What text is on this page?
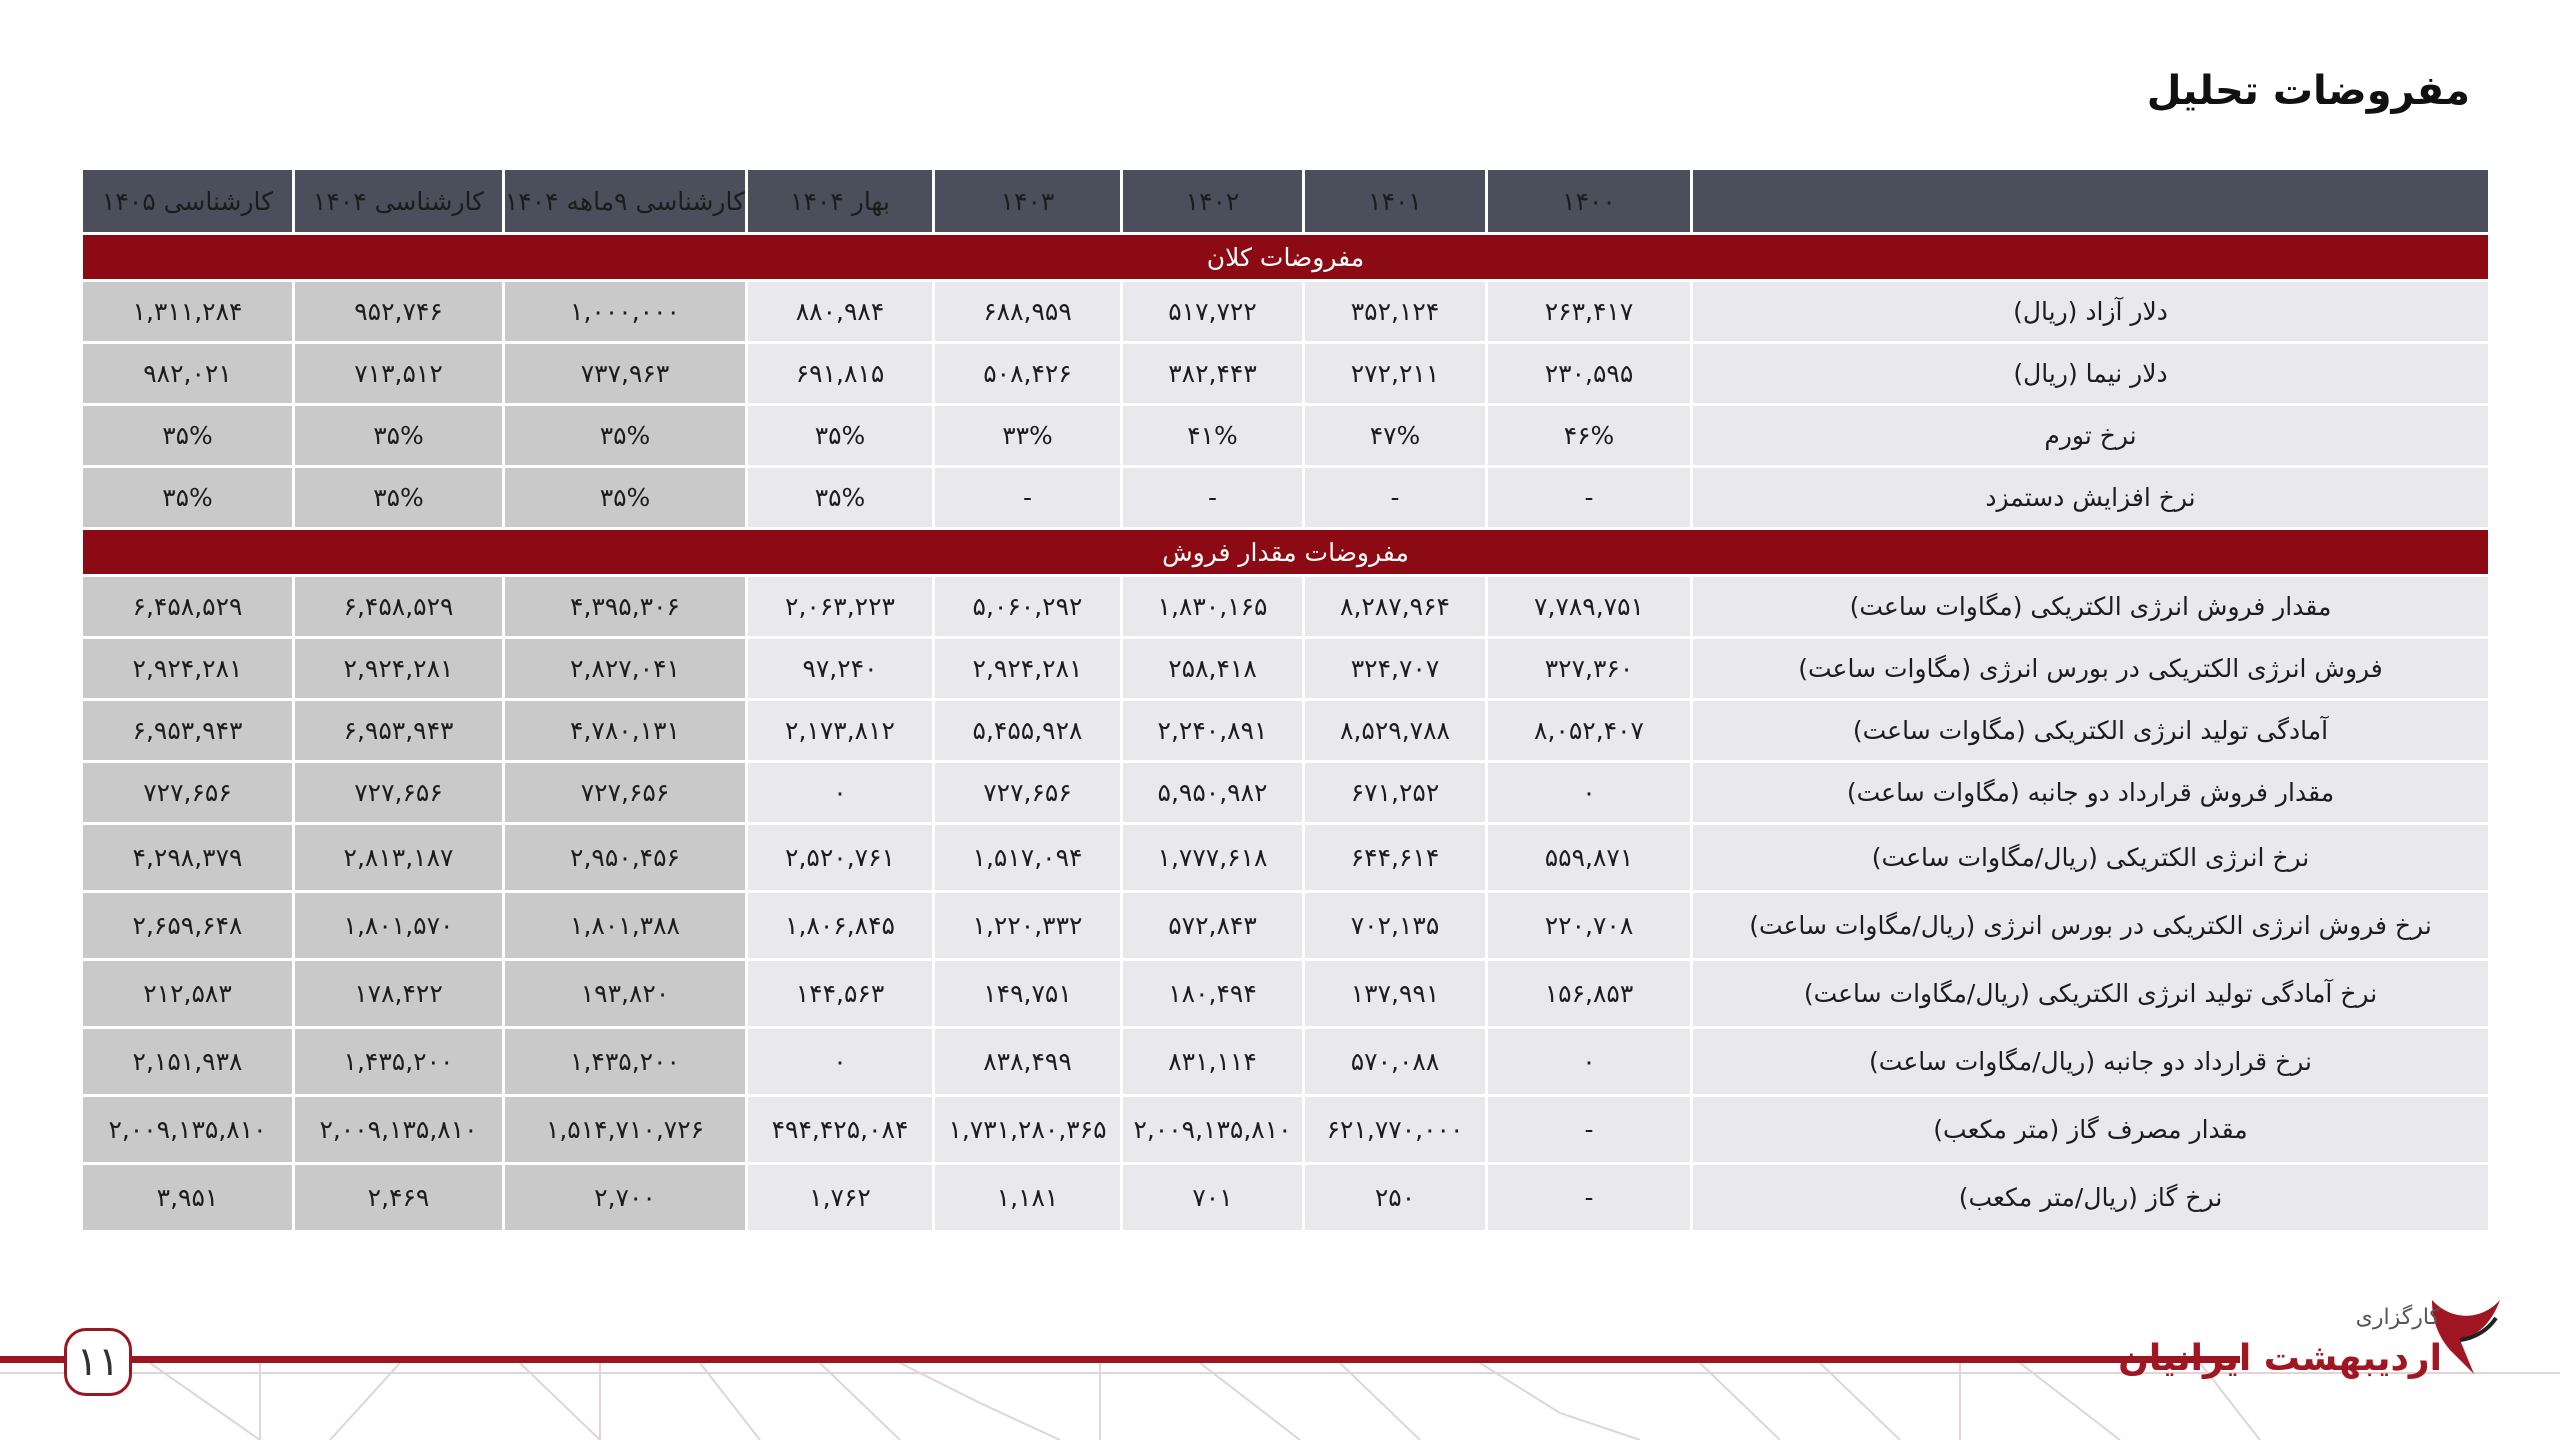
مفروضات تحلیل
	۱۴۰۰	۱۴۰۱	۱۴۰۲	۱۴۰۳	بهار ۱۴۰۴	کارشناسی ۹ماهه ۱۴۰۴	کارشناسی ۱۴۰۴	کارشناسی ۱۴۰۵
مفروضات کلان								
دلار آزاد (ریال)	۲۶۳,۴۱۷	۳۵۲,۱۲۴	۵۱۷,۷۲۲	۶۸۸,۹۵۹	۸۸۰,۹۸۴	۱,۰۰۰,۰۰۰	۹۵۲,۷۴۶	۱,۳۱۱,۲۸۴
دلار نیما (ریال)	۲۳۰,۵۹۵	۲۷۲,۲۱۱	۳۸۲,۴۴۳	۵۰۸,۴۲۶	۶۹۱,۸۱۵	۷۳۷,۹۶۳	۷۱۳,۵۱۲	۹۸۲,۰۲۱
نرخ تورم	۴۶%	۴۷%	۴۱%	۳۳%	۳۵%	۳۵%	۳۵%	۳۵%
نرخ افزایش دستمزد	-	-	-	-	۳۵%	۳۵%	۳۵%	۳۵%
مفروضات مقدار فروش								
مقدار فروش انرژی الکتریکی (مگاوات ساعت)	۷,۷۸۹,۷۵۱	۸,۲۸۷,۹۶۴	۱,۸۳۰,۱۶۵	۵,۰۶۰,۲۹۲	۲,۰۶۳,۲۲۳	۴,۳۹۵,۳۰۶	۶,۴۵۸,۵۲۹	۶,۴۵۸,۵۲۹
فروش انرژی الکتریکی در بورس انرژی (مگاوات ساعت)	۳۲۷,۳۶۰	۳۲۴,۷۰۷	۲۵۸,۴۱۸	۲,۹۲۴,۲۸۱	۹۷,۲۴۰	۲,۸۲۷,۰۴۱	۲,۹۲۴,۲۸۱	۲,۹۲۴,۲۸۱
آمادگی تولید انرژی الکتریکی (مگاوات ساعت)	۸,۰۵۲,۴۰۷	۸,۵۲۹,۷۸۸	۲,۲۴۰,۸۹۱	۵,۴۵۵,۹۲۸	۲,۱۷۳,۸۱۲	۴,۷۸۰,۱۳۱	۶,۹۵۳,۹۴۳	۶,۹۵۳,۹۴۳
مقدار فروش قرارداد دو جانبه (مگاوات ساعت)	۰	۶۷۱,۲۵۲	۵,۹۵۰,۹۸۲	۷۲۷,۶۵۶	۰	۷۲۷,۶۵۶	۷۲۷,۶۵۶	۷۲۷,۶۵۶
نرخ انرژی الکتریکی (ریال/مگاوات ساعت)	۵۵۹,۸۷۱	۶۴۴,۶۱۴	۱,۷۷۷,۶۱۸	۱,۵۱۷,۰۹۴	۲,۵۲۰,۷۶۱	۲,۹۵۰,۴۵۶	۲,۸۱۳,۱۸۷	۴,۲۹۸,۳۷۹
نرخ فروش انرژی الکتریکی در بورس انرژی (ریال/مگاوات ساعت)	۲۲۰,۷۰۸	۷۰۲,۱۳۵	۵۷۲,۸۴۳	۱,۲۲۰,۳۳۲	۱,۸۰۶,۸۴۵	۱,۸۰۱,۳۸۸	۱,۸۰۱,۵۷۰	۲,۶۵۹,۶۴۸
نرخ آمادگی تولید انرژی الکتریکی (ریال/مگاوات ساعت)	۱۵۶,۸۵۳	۱۳۷,۹۹۱	۱۸۰,۴۹۴	۱۴۹,۷۵۱	۱۴۴,۵۶۳	۱۹۳,۸۲۰	۱۷۸,۴۲۲	۲۱۲,۵۸۳
نرخ قرارداد دو جانبه (ریال/مگاوات ساعت)	۰	۵۷۰,۰۸۸	۸۳۱,۱۱۴	۸۳۸,۴۹۹	۰	۱,۴۳۵,۲۰۰	۱,۴۳۵,۲۰۰	۲,۱۵۱,۹۳۸
مقدار مصرف گاز (متر مکعب)	-	۶۲۱,۷۷۰,۰۰۰	۲,۰۰۹,۱۳۵,۸۱۰	۱,۷۳۱,۲۸۰,۳۶۵	۴۹۴,۴۲۵,۰۸۴	۱,۵۱۴,۷۱۰,۷۲۶	۲,۰۰۹,۱۳۵,۸۱۰	۲,۰۰۹,۱۳۵,۸۱۰
نرخ گاز (ریال/متر مکعب)	-	۲۵۰	۷۰۱	۱,۱۸۱	۱,۷۶۲	۲,۷۰۰	۲,۴۶۹	۳,۹۵۱
۱۱
کارگزاری
اردیبهشت ایرانیان
